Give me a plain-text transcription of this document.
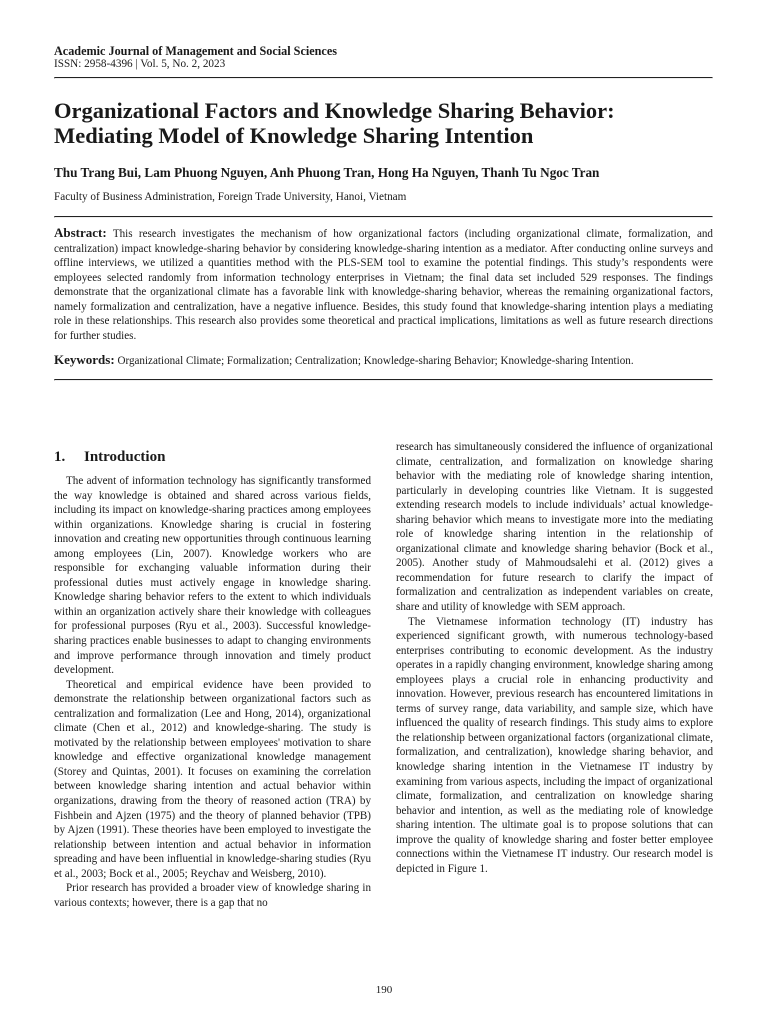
Academic Journal of Management and Social Sciences
ISSN: 2958-4396 | Vol. 5, No. 2, 2023
Organizational Factors and Knowledge Sharing Behavior: Mediating Model of Knowledge Sharing Intention
Thu Trang Bui, Lam Phuong Nguyen, Anh Phuong Tran, Hong Ha Nguyen, Thanh Tu Ngoc Tran
Faculty of Business Administration, Foreign Trade University, Hanoi, Vietnam
Abstract: This research investigates the mechanism of how organizational factors (including organizational climate, formalization, and centralization) impact knowledge-sharing behavior by considering knowledge-sharing intention as a mediator. After conducting online surveys and offline interviews, we utilized a quantities method with the PLS-SEM tool to examine the potential findings. This study’s respondents were employees selected randomly from information technology enterprises in Vietnam; the final data set included 529 responses. The findings demonstrate that the organizational climate has a favorable link with knowledge-sharing behavior, whereas the remaining organizational factors, namely formalization and centralization, have a negative influence. Besides, this study found that knowledge-sharing intention plays a mediating role in these relationships. This research also provides some theoretical and practical implications, limitations as well as future research directions for further studies.
Keywords: Organizational Climate; Formalization; Centralization; Knowledge-sharing Behavior; Knowledge-sharing Intention.
1. Introduction

The advent of information technology has significantly transformed the way knowledge is obtained and shared across various fields, including its impact on knowledge-sharing practices among employees within organizations. Knowledge sharing is crucial in fostering innovation and creating new opportunities through continuous learning among employees (Lin, 2007). Knowledge workers who are responsible for exchanging valuable information during their professional duties must actively engage in knowledge sharing. Knowledge sharing behavior refers to the extent to which individuals within an organization actively share their knowledge with colleagues for professional purposes (Ryu et al., 2003). Successful knowledge-sharing practices enable businesses to adapt to changing environments and improve performance through innovation and timely product development.

Theoretical and empirical evidence have been provided to demonstrate the relationship between organizational factors such as centralization and formalization (Lee and Hong, 2014), organizational climate (Chen et al., 2012) and knowledge-sharing. The study is motivated by the relationship between employees' motivation to share knowledge and effective organizational knowledge management (Storey and Quintas, 2001). It focuses on examining the correlation between knowledge sharing intention and actual behavior within organizations, drawing from the theory of reasoned action (TRA) by Fishbein and Ajzen (1975) and the theory of planned behavior (TPB) by Ajzen (1991). These theories have been employed to investigate the relationship between intention and actual behavior in information spreading and have been influential in knowledge-sharing studies (Ryu et al., 2003; Bock et al., 2005; Reychav and Weisberg, 2010).

Prior research has provided a broader view of knowledge sharing in various contexts; however, there is a gap that no

research has simultaneously considered the influence of organizational climate, centralization, and formalization on knowledge sharing behavior with the mediating role of knowledge sharing intention, particularly in developing countries like Vietnam. It is suggested extending research models to include individuals’ actual knowledge-sharing behavior which means to investigate more into the mediating role of knowledge sharing intention in the relationship of organizational climate and knowledge sharing behavior (Bock et al., 2005). Another study of Mahmoudsalehi et al. (2012) gives a recommendation for future research to clarify the impact of formalization and centralization as independent variables on create, share and utility of knowledge with SEM approach.

The Vietnamese information technology (IT) industry has experienced significant growth, with numerous technology-based enterprises contributing to economic development. As the industry operates in a rapidly changing environment, knowledge sharing among employees plays a crucial role in enhancing productivity and innovation. However, previous research has encountered limitations in terms of survey range, data variability, and sample size, which have influenced the quality of research findings. This study aims to explore the relationship between organizational factors (organizational climate, formalization, and centralization), knowledge sharing behavior, and knowledge sharing intention in the Vietnamese IT industry by examining from various aspects, including the impact of organizational climate, formalization, and centralization on knowledge sharing behavior and intention, as well as the mediating role of knowledge sharing intention. The ultimate goal is to propose solutions that can improve the quality of knowledge sharing and foster better employee connections within the Vietnamese IT industry. Our research model is depicted in Figure 1.

190
